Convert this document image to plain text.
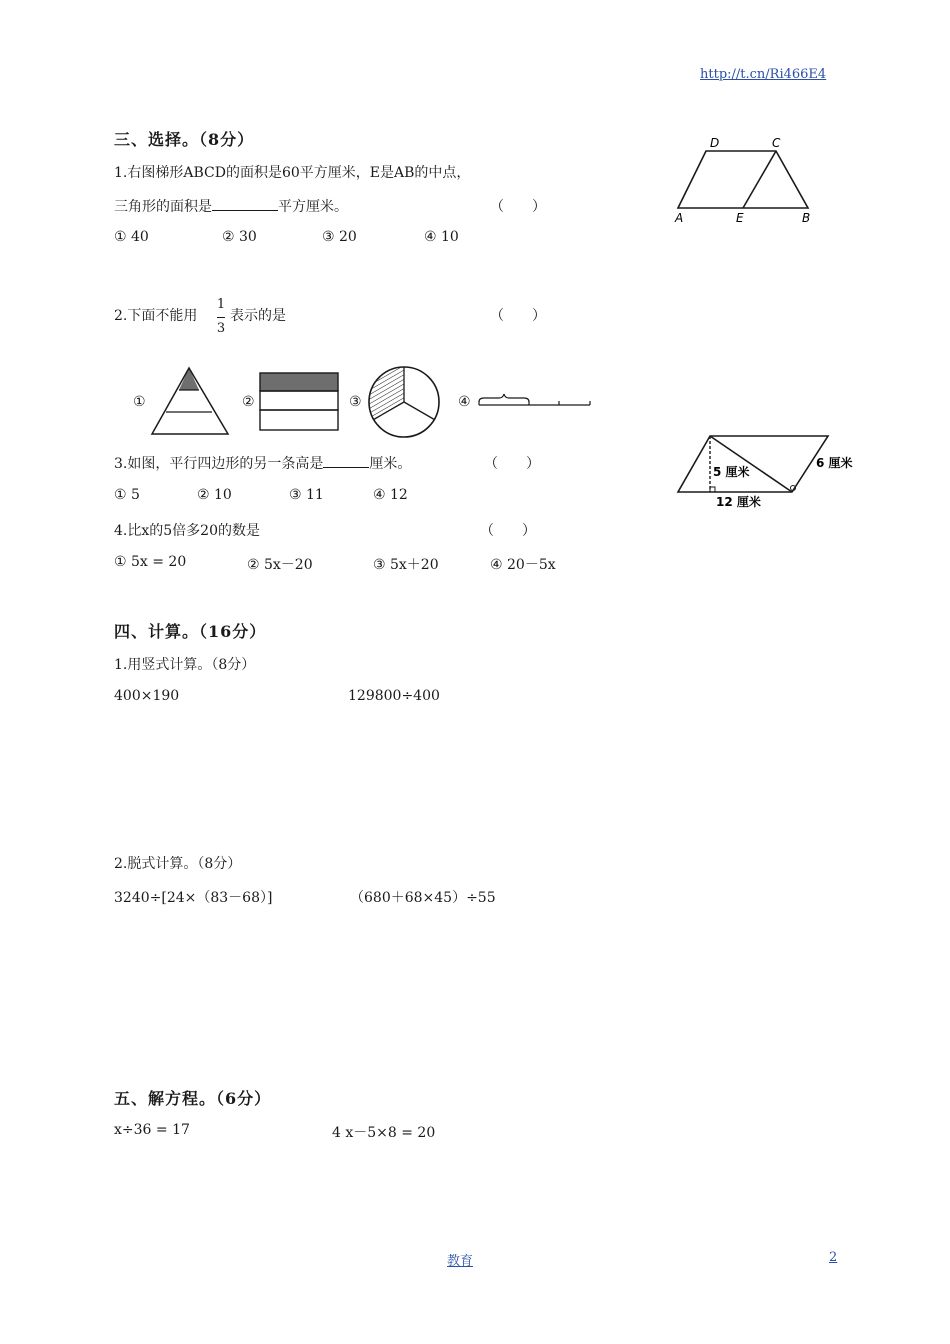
http://t.cn/Ri466E4
三、选择。（8分）
1.右图梯形ABCD的面积是60平方厘米，E是AB的中点，
三角形的面积是	平方厘米。	（　　）
① 40	② 30	③ 20	④ 10
D	C
A	E	B
2.下面不能用
1
3
表示的是	（　　）
①	②	③	④
3.如图，平行四边形的另一条高是	厘米。	（　　）
① 5	② 10	③ 11	④ 12
5 厘米
6 厘米
12 厘米
4.比x的5倍多20的数是	（　　）
① 5x = 20	② 5x－20	③ 5x＋20	④ 20－5x
四、计算。（16分）
1.用竖式计算。（8分）
400×190	129800÷400
2.脱式计算。（8分）
3240÷[24×（83－68）]	（680＋68×45）÷55
五、解方程。（6分）
x÷36 = 17	4 x－5×8 = 20
教育	2
